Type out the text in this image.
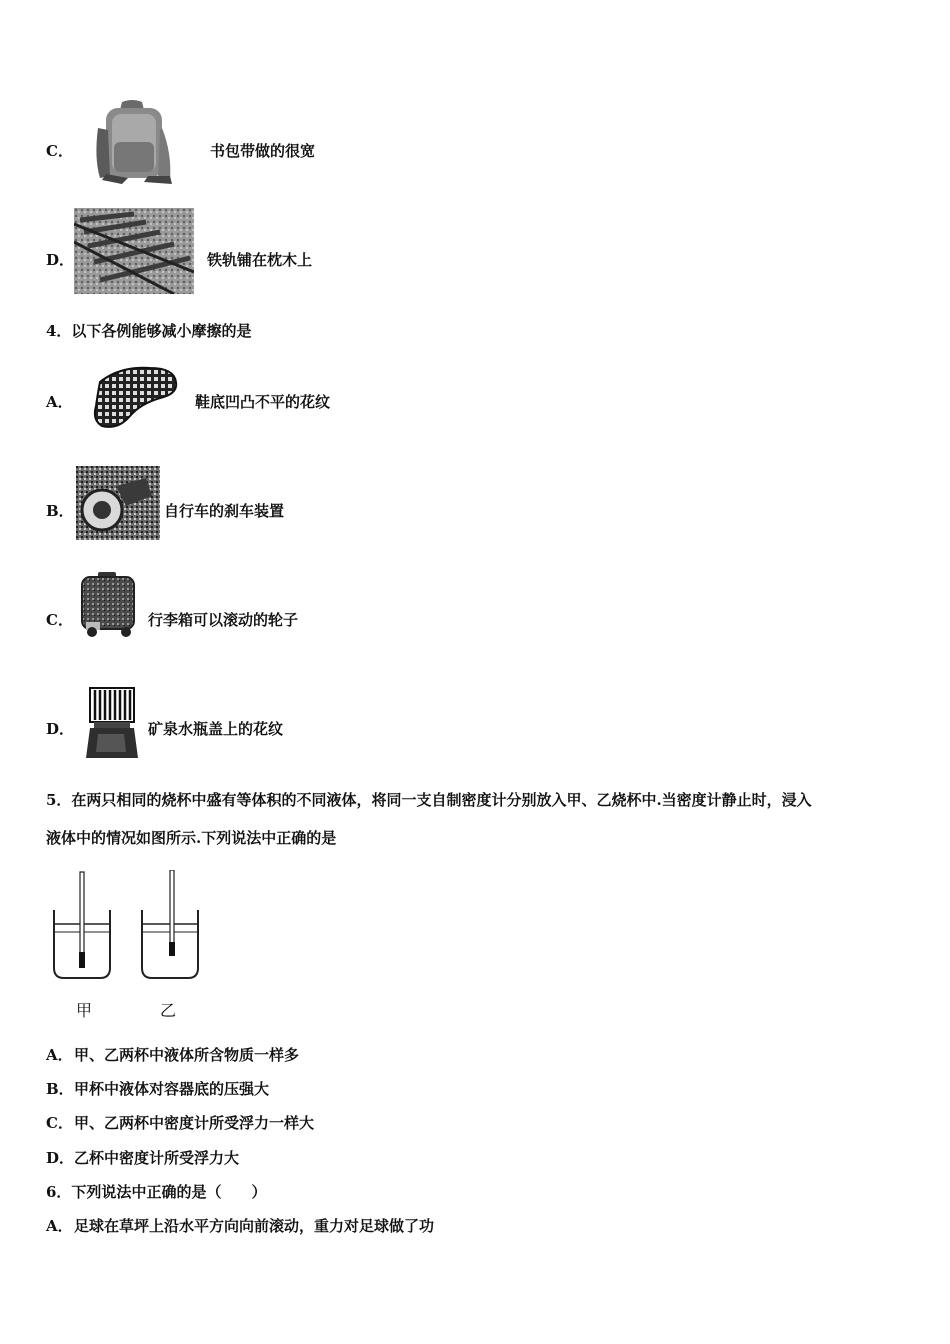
C．	书包带做的很宽
D．	铁轨铺在枕木上
4．以下各例能够减小摩擦的是
A．	鞋底凹凸不平的花纹
B．	自行车的刹车装置
C．	行李箱可以滚动的轮子
D．	矿泉水瓶盖上的花纹
5．在两只相同的烧杯中盛有等体积的不同液体，将同一支自制密度计分别放入甲、乙烧杯中.当密度计静止时，浸入
液体中的情况如图所示.下列说法中正确的是
甲	乙
A． 甲、乙两杯中液体所含物质一样多
B． 甲杯中液体对容器底的压强大
C． 甲、乙两杯中密度计所受浮力一样大
D． 乙杯中密度计所受浮力大
6．下列说法中正确的是（　　）
A． 足球在草坪上沿水平方向向前滚动，重力对足球做了功
